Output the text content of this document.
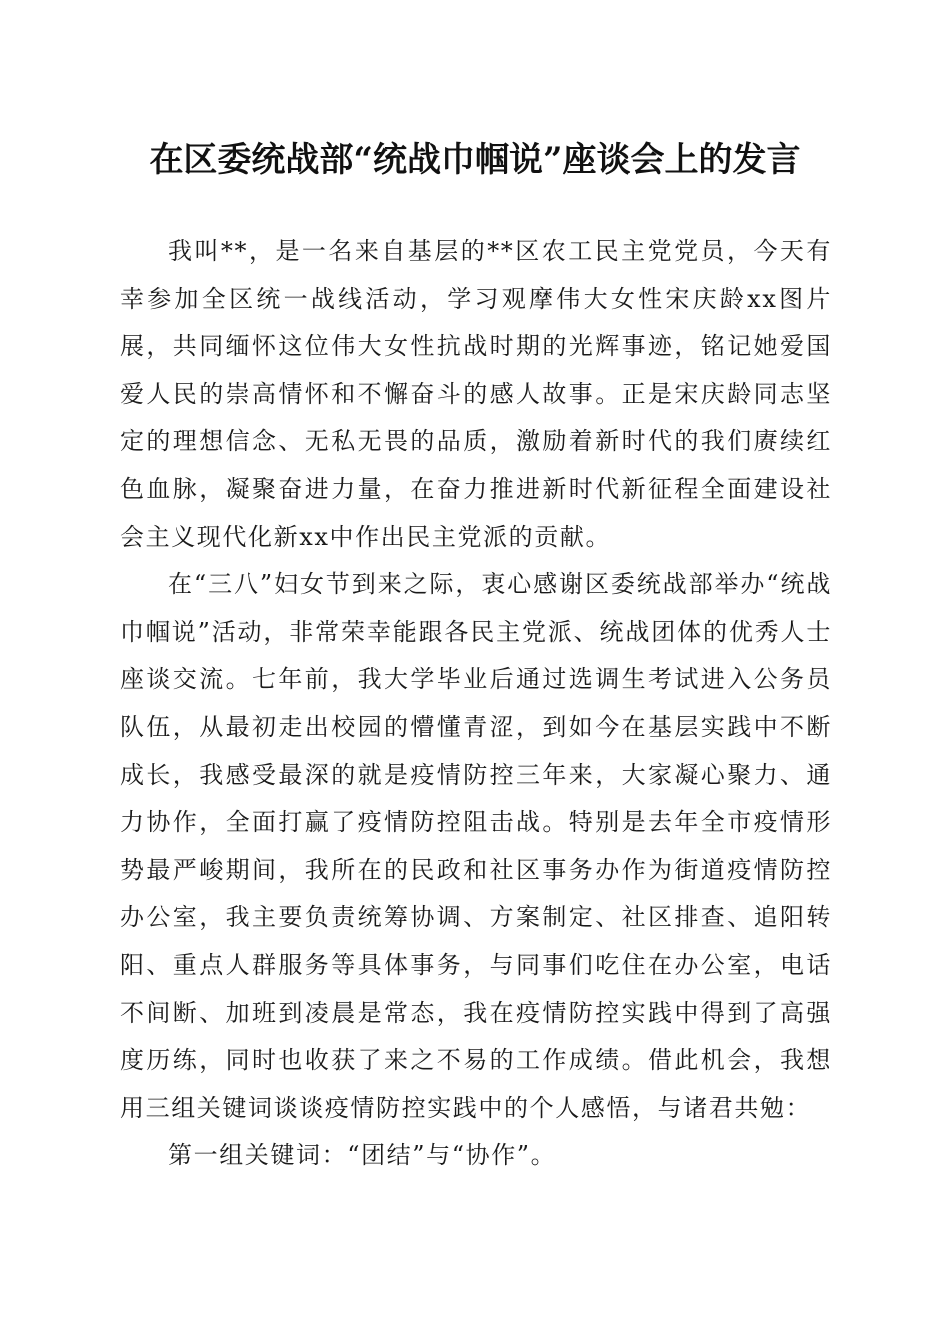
在区委统战部“统战巾帼说”座谈会上的发言

我叫**，是一名来自基层的**区农工民主党党员，今天有幸参加全区统一战线活动，学习观摩伟大女性宋庆龄xx图片展，共同缅怀这位伟大女性抗战时期的光辉事迹，铭记她爱国爱人民的崇高情怀和不懈奋斗的感人故事。正是宋庆龄同志坚定的理想信念、无私无畏的品质，激励着新时代的我们赓续红色血脉，凝聚奋进力量，在奋力推进新时代新征程全面建设社会主义现代化新xx中作出民主党派的贡献。

在“三八”妇女节到来之际，衷心感谢区委统战部举办“统战巾帼说”活动，非常荣幸能跟各民主党派、统战团体的优秀人士座谈交流。七年前，我大学毕业后通过选调生考试进入公务员队伍，从最初走出校园的懵懂青涩，到如今在基层实践中不断成长，我感受最深的就是疫情防控三年来，大家凝心聚力、通力协作，全面打赢了疫情防控阻击战。特别是去年全市疫情形势最严峻期间，我所在的民政和社区事务办作为街道疫情防控办公室，我主要负责统筹协调、方案制定、社区排查、追阳转阳、重点人群服务等具体事务，与同事们吃住在办公室，电话不间断、加班到凌晨是常态，我在疫情防控实践中得到了高强度历练，同时也收获了来之不易的工作成绩。借此机会，我想用三组关键词谈谈疫情防控实践中的个人感悟，与诸君共勉：

第一组关键词：“团结”与“协作”。
